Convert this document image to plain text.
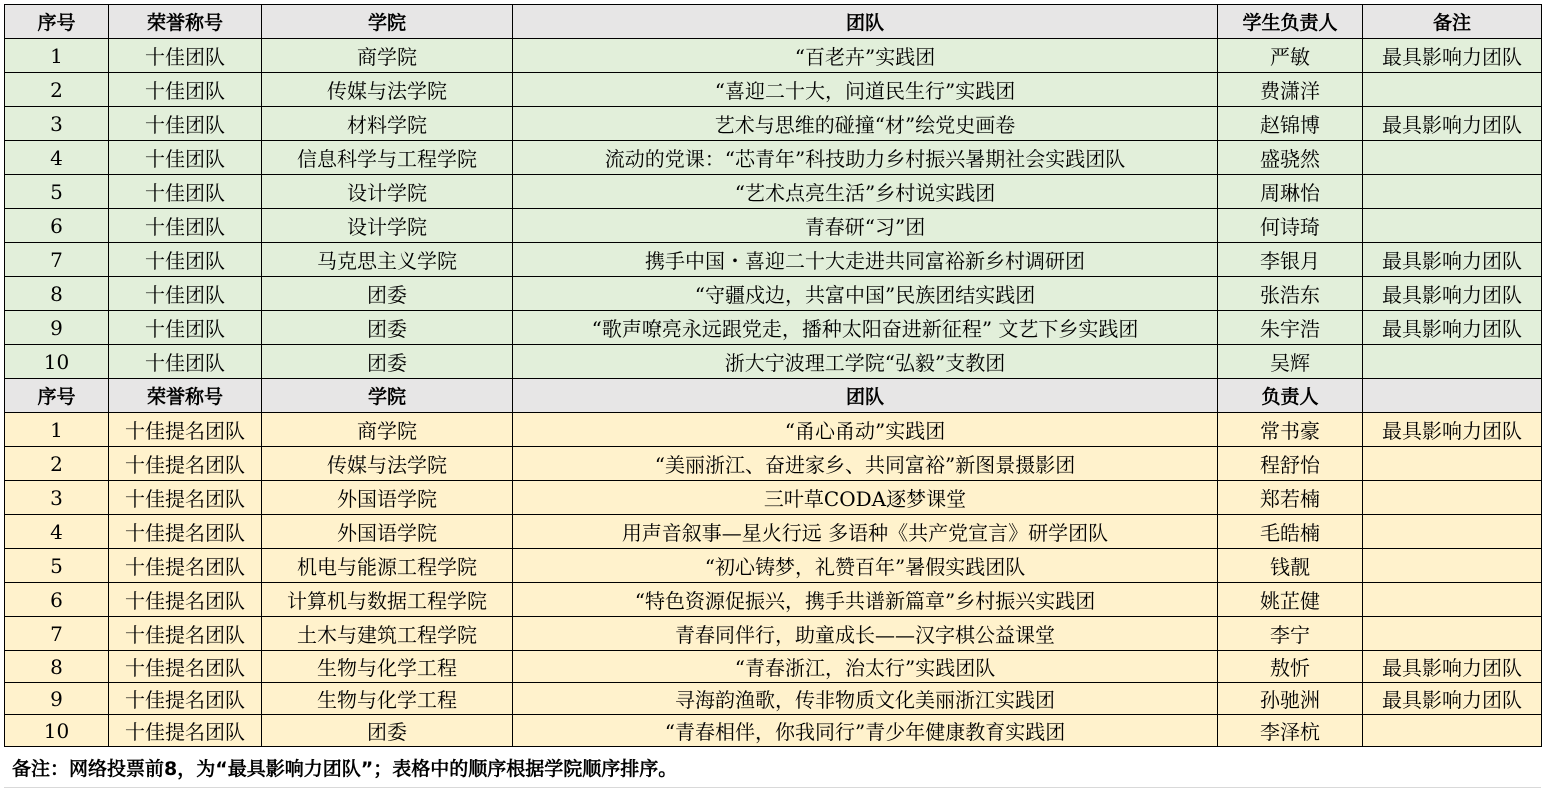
序号	荣誉称号	学院	团队	学生负责人	备注
1	十佳团队	商学院	“百老卉”实践团	严敏	最具影响力团队
2	十佳团队	传媒与法学院	“喜迎二十大，问道民生行”实践团	费潇洋	
3	十佳团队	材料学院	艺术与思维的碰撞“材”绘党史画卷	赵锦博	最具影响力团队
4	十佳团队	信息科学与工程学院	流动的党课：“芯青年”科技助力乡村振兴暑期社会实践团队	盛骁然	
5	十佳团队	设计学院	“艺术点亮生活”乡村说实践团	周琳怡	
6	十佳团队	设计学院	青春研“习”团	何诗琦	
7	十佳团队	马克思主义学院	携手中国・喜迎二十大走进共同富裕新乡村调研团	李银月	最具影响力团队
8	十佳团队	团委	“守疆戍边，共富中国”民族团结实践团	张浩东	最具影响力团队
9	十佳团队	团委	“歌声嘹亮永远跟党走，播种太阳奋进新征程” 文艺下乡实践团	朱宇浩	最具影响力团队
10	十佳团队	团委	浙大宁波理工学院“弘毅”支教团	吴辉	
序号	荣誉称号	学院	团队	负责人	
1	十佳提名团队	商学院	“甬心甬动”实践团	常书豪	最具影响力团队
2	十佳提名团队	传媒与法学院	“美丽浙江、奋进家乡、共同富裕”新图景摄影团	程舒怡	
3	十佳提名团队	外国语学院	三叶草CODA逐梦课堂	郑若楠	
4	十佳提名团队	外国语学院	用声音叙事—星火行远 多语种《共产党宣言》研学团队	毛皓楠	
5	十佳提名团队	机电与能源工程学院	“初心铸梦，礼赞百年”暑假实践团队	钱靓	
6	十佳提名团队	计算机与数据工程学院	“特色资源促振兴，携手共谱新篇章”乡村振兴实践团	姚芷健	
7	十佳提名团队	土木与建筑工程学院	青春同伴行，助童成长——汉字棋公益课堂	李宁	
8	十佳提名团队	生物与化学工程	“青春浙江，治太行”实践团队	敖忻	最具影响力团队
9	十佳提名团队	生物与化学工程	寻海韵渔歌，传非物质文化美丽浙江实践团	孙驰洲	最具影响力团队
10	十佳提名团队	团委	“青春相伴，你我同行”青少年健康教育实践团	李泽杭	
备注：网络投票前8，为“最具影响力团队”；表格中的顺序根据学院顺序排序。
